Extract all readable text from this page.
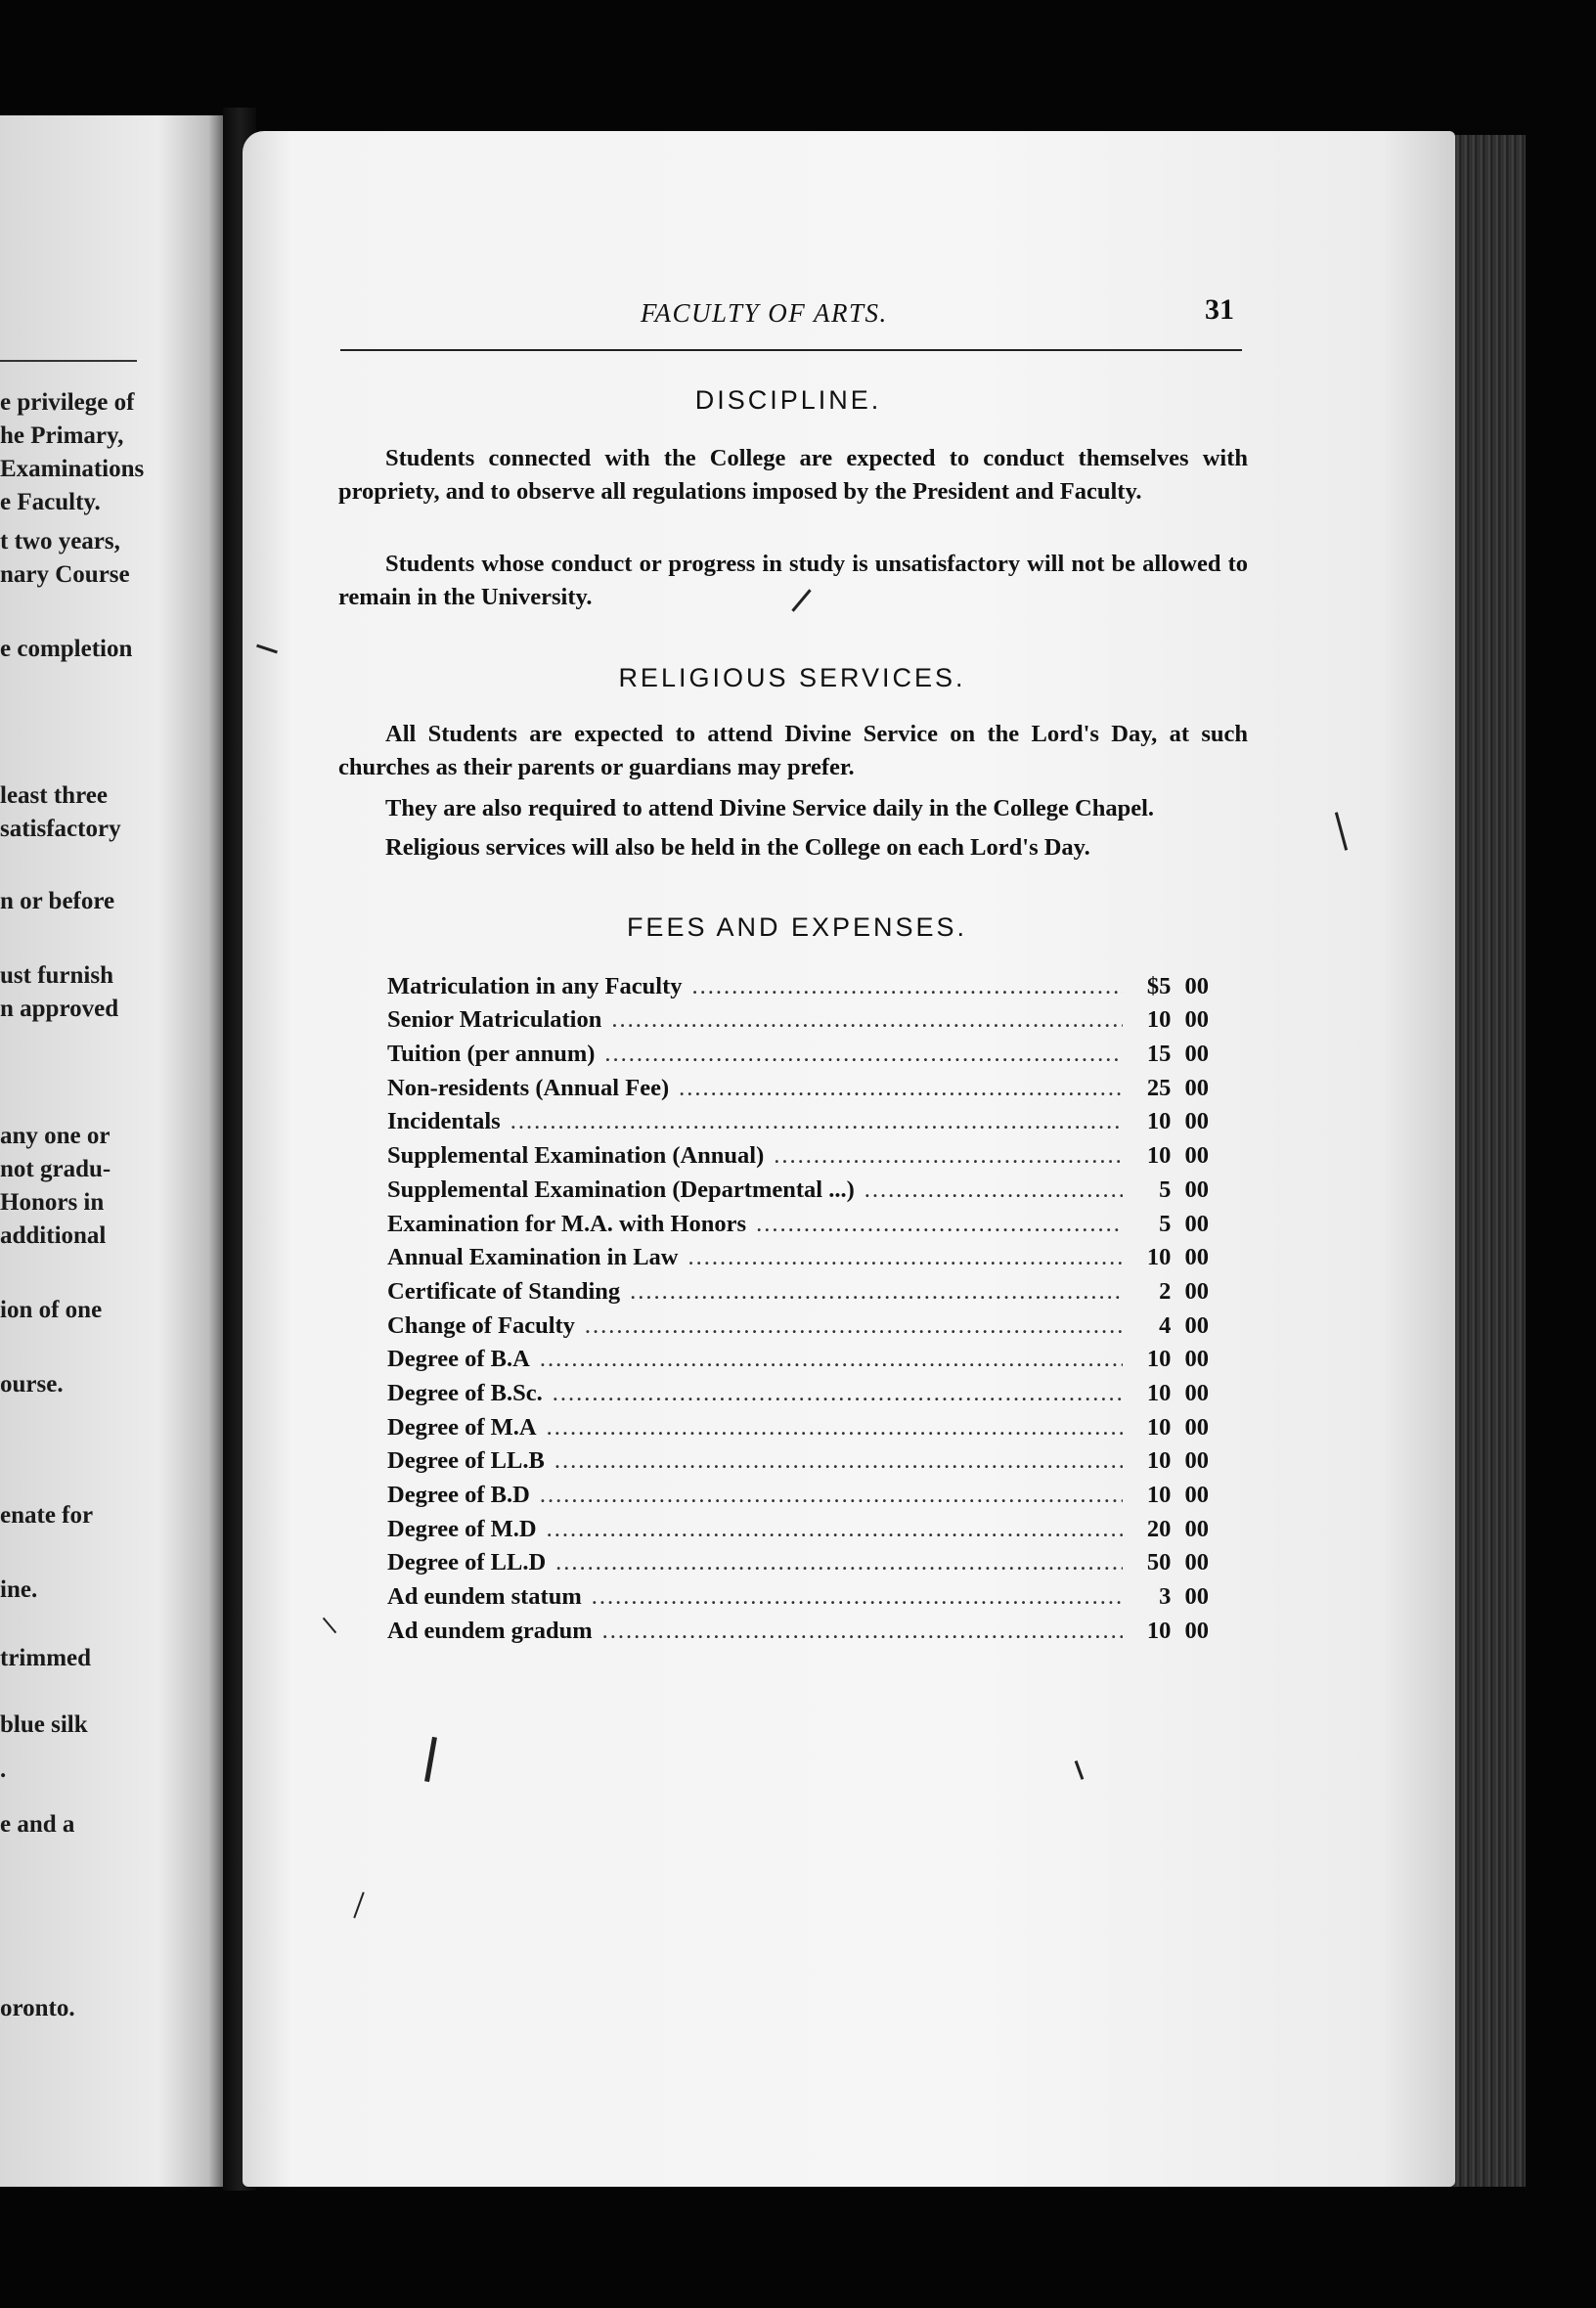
e privilege of
he Primary,
Examinations
e Faculty.
t two years,
nary Course
e completion
least three
satisfactory
n or before
ust furnish
n approved
any one or
not gradu-
Honors in
additional
ion of one
ourse.
enate for
ine.
trimmed
blue silk
.
e and a
oronto.
FACULTY OF ARTS.	31
DISCIPLINE.
Students connected with the College are expected to conduct themselves with propriety, and to observe all regulations imposed by the President and Faculty.
Students whose conduct or progress in study is unsatisfactory will not be allowed to remain in the University.
RELIGIOUS SERVICES.
All Students are expected to attend Divine Service on the Lord's Day, at such churches as their parents or guardians may prefer.
They are also required to attend Divine Service daily in the College Chapel.
Religious services will also be held in the College on each Lord's Day.
FEES AND EXPENSES.
Matriculation in any Faculty .....	$5 00
Senior Matriculation .....	10 00
Tuition (per annum) .....	15 00
Non-residents (Annual Fee) .....	25 00
Incidentals .....	10 00
Supplemental Examination (Annual) .....	10 00
Supplemental Examination (Departmental ...) .....	5 00
Examination for M.A. with Honors .....	5 00
Annual Examination in Law .....	10 00
Certificate of Standing .....	2 00
Change of Faculty .....	4 00
Degree of B.A .....	10 00
Degree of B.Sc. .....	10 00
Degree of M.A .....	10 00
Degree of LL.B .....	10 00
Degree of B.D .....	10 00
Degree of M.D .....	20 00
Degree of LL.D .....	50 00
Ad eundem statum .....	3 00
Ad eundem gradum .....	10 00
